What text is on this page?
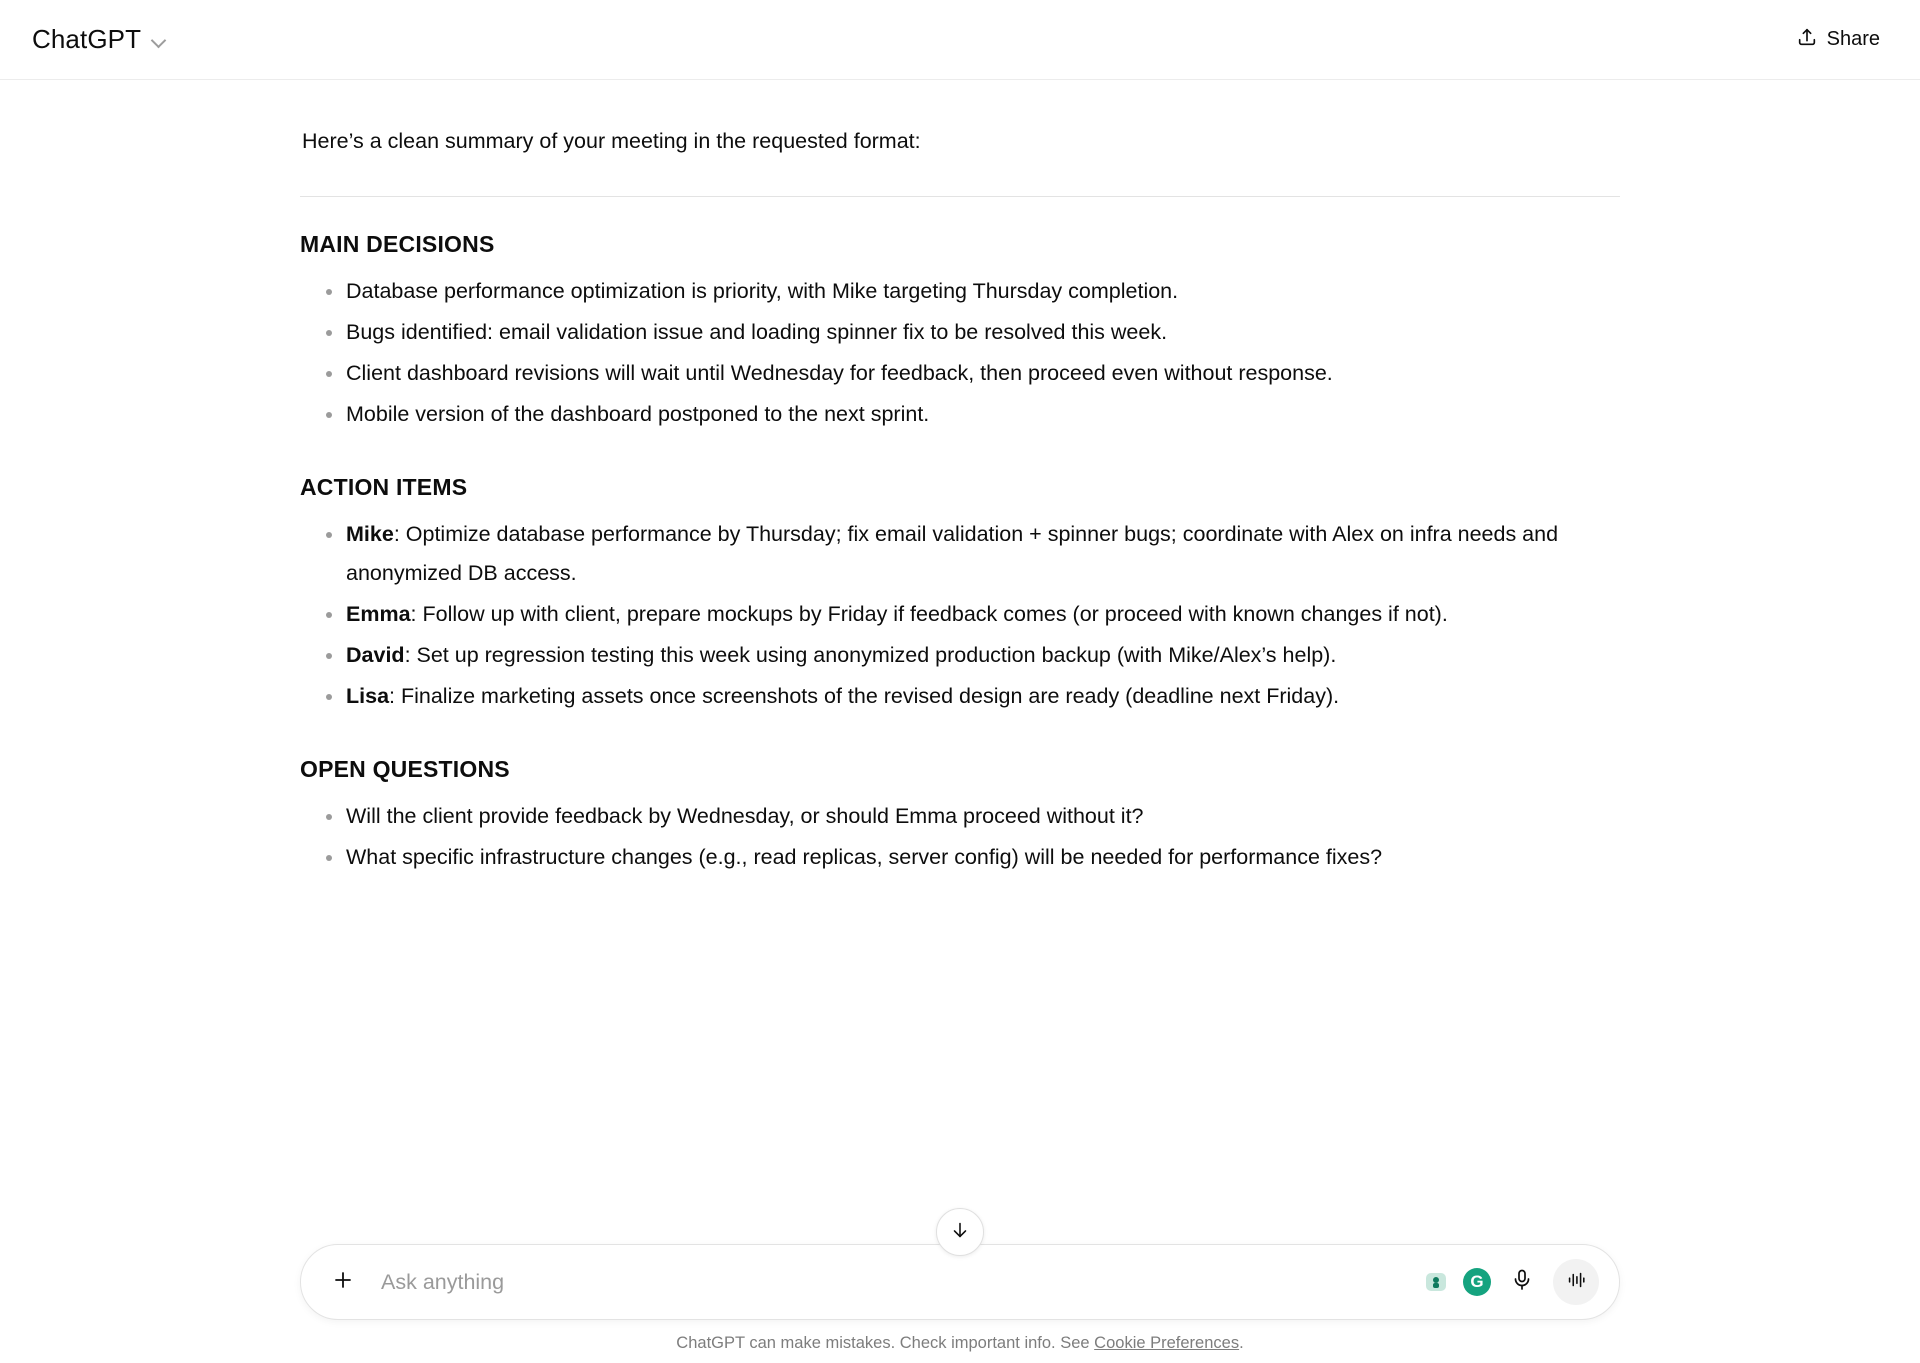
ChatGPT	Share
Here’s a clean summary of your meeting in the requested format:
MAIN DECISIONS
Database performance optimization is priority, with Mike targeting Thursday completion.
Bugs identified: email validation issue and loading spinner fix to be resolved this week.
Client dashboard revisions will wait until Wednesday for feedback, then proceed even without response.
Mobile version of the dashboard postponed to the next sprint.
ACTION ITEMS
Mike: Optimize database performance by Thursday; fix email validation + spinner bugs; coordinate with Alex on infra needs and anonymized DB access.
Emma: Follow up with client, prepare mockups by Friday if feedback comes (or proceed with known changes if not).
David: Set up regression testing this week using anonymized production backup (with Mike/Alex’s help).
Lisa: Finalize marketing assets once screenshots of the revised design are ready (deadline next Friday).
OPEN QUESTIONS
Will the client provide feedback by Wednesday, or should Emma proceed without it?
What specific infrastructure changes (e.g., read replicas, server config) will be needed for performance fixes?
Ask anything
G
ChatGPT can make mistakes. Check important info. See Cookie Preferences.
